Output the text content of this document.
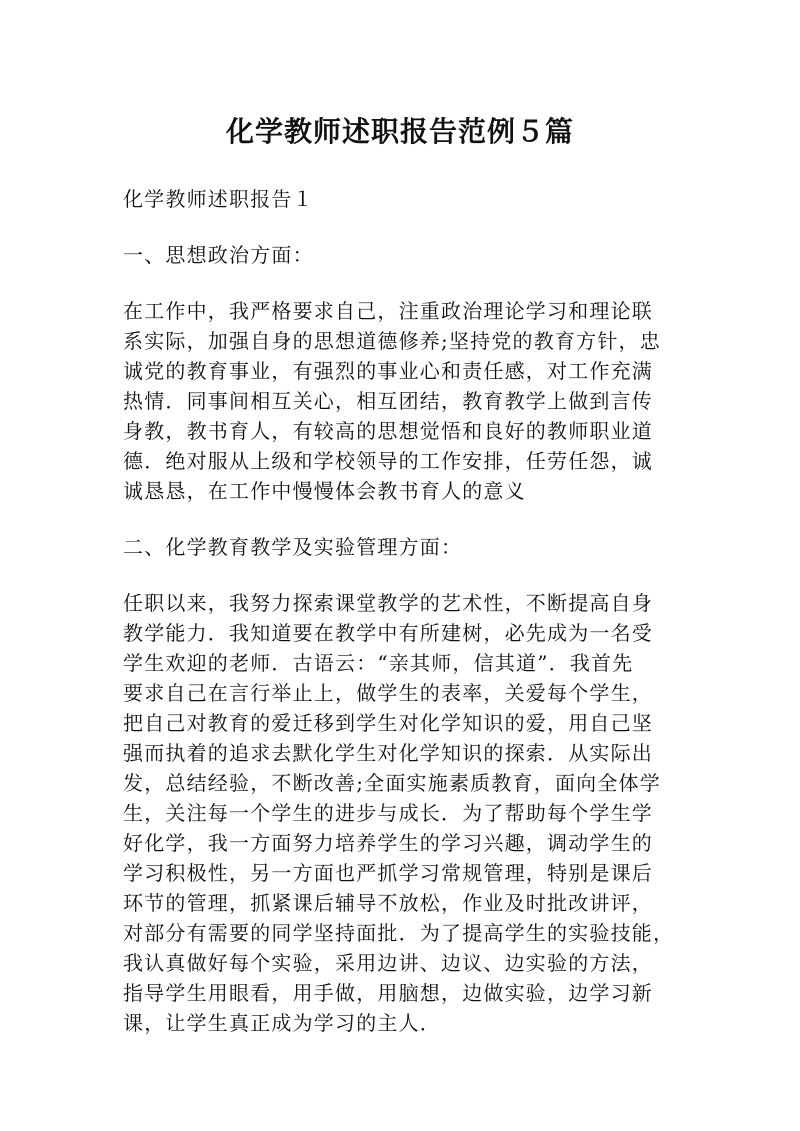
化学教师述职报告范例５篇

化学教师述职报告１

一、思想政治方面：

在工作中，我严格要求自己，注重政治理论学习和理论联

系实际，加强自身的思想道德修养;坚持党的教育方针，忠

诚党的教育事业，有强烈的事业心和责任感，对工作充满

热情．同事间相互关心，相互团结，教育教学上做到言传

身教，教书育人，有较高的思想觉悟和良好的教师职业道

德．绝对服从上级和学校领导的工作安排，任劳任怨，诚

诚恳恳，在工作中慢慢体会教书育人的意义

二、化学教育教学及实验管理方面：

任职以来，我努力探索课堂教学的艺术性，不断提高自身

教学能力．我知道要在教学中有所建树，必先成为一名受

学生欢迎的老师．古语云：“亲其师，信其道”．我首先

要求自己在言行举止上，做学生的表率，关爱每个学生，

把自己对教育的爱迁移到学生对化学知识的爱，用自己坚

强而执着的追求去默化学生对化学知识的探索．从实际出

发，总结经验，不断改善;全面实施素质教育，面向全体学

生，关注每一个学生的进步与成长．为了帮助每个学生学

好化学，我一方面努力培养学生的学习兴趣，调动学生的

学习积极性，另一方面也严抓学习常规管理，特别是课后

环节的管理，抓紧课后辅导不放松，作业及时批改讲评，

对部分有需要的同学坚持面批．为了提高学生的实验技能，

我认真做好每个实验，采用边讲、边议、边实验的方法，

指导学生用眼看，用手做，用脑想，边做实验，边学习新

课，让学生真正成为学习的主人．
